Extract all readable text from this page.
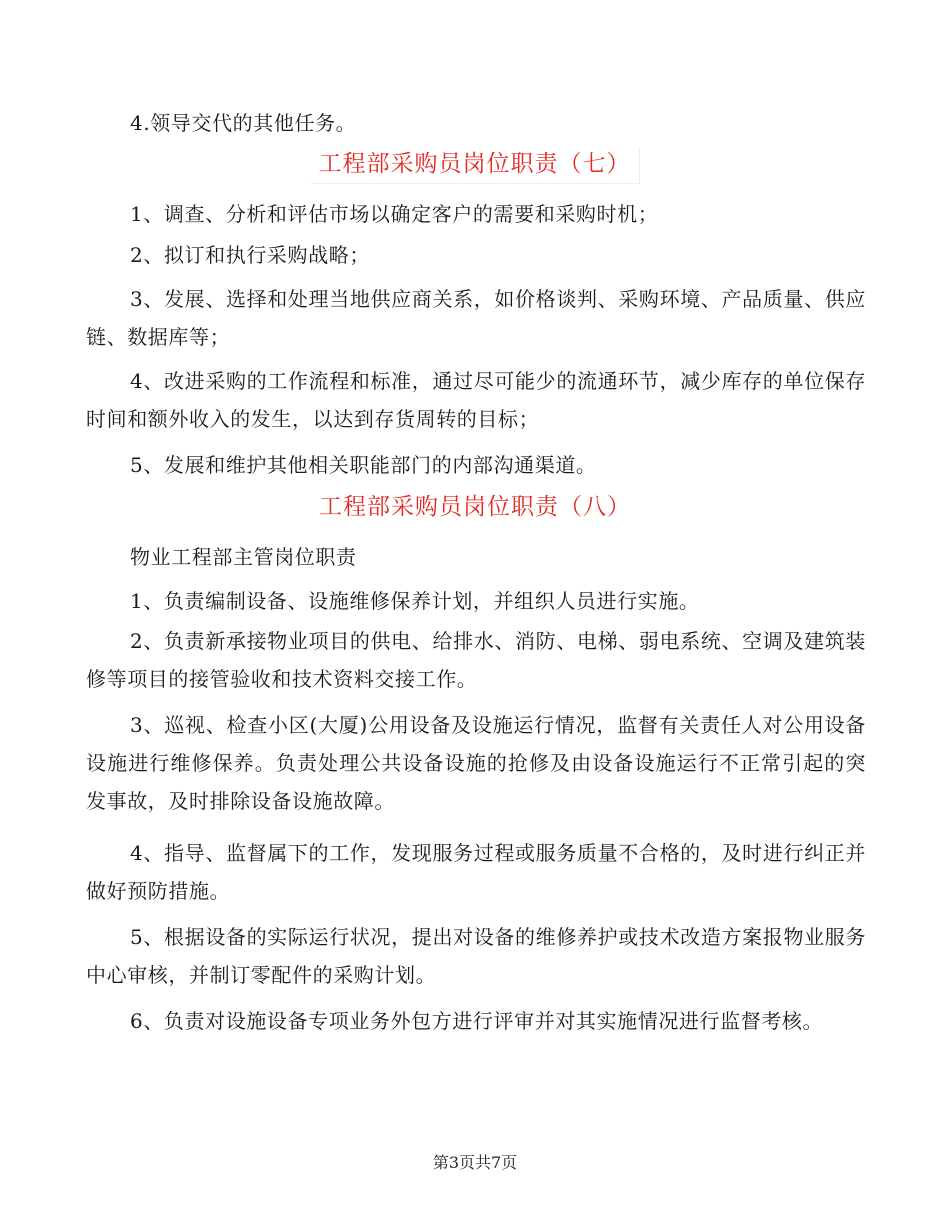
4.领导交代的其他任务。

工程部采购员岗位职责（七）

1、调查、分析和评估市场以确定客户的需要和采购时机；

2、拟订和执行采购战略；

3、发展、选择和处理当地供应商关系，如价格谈判、采购环境、产品质量、供应链、数据库等；

4、改进采购的工作流程和标准，通过尽可能少的流通环节，减少库存的单位保存时间和额外收入的发生，以达到存货周转的目标；

5、发展和维护其他相关职能部门的内部沟通渠道。

工程部采购员岗位职责（八）

物业工程部主管岗位职责

1、负责编制设备、设施维修保养计划，并组织人员进行实施。

2、负责新承接物业项目的供电、给排水、消防、电梯、弱电系统、空调及建筑装修等项目的接管验收和技术资料交接工作。

3、巡视、检查小区(大厦)公用设备及设施运行情况，监督有关责任人对公用设备设施进行维修保养。负责处理公共设备设施的抢修及由设备设施运行不正常引起的突发事故，及时排除设备设施故障。

4、指导、监督属下的工作，发现服务过程或服务质量不合格的，及时进行纠正并做好预防措施。

5、根据设备的实际运行状况，提出对设备的维修养护或技术改造方案报物业服务中心审核，并制订零配件的采购计划。

6、负责对设施设备专项业务外包方进行评审并对其实施情况进行监督考核。

第3页共7页
